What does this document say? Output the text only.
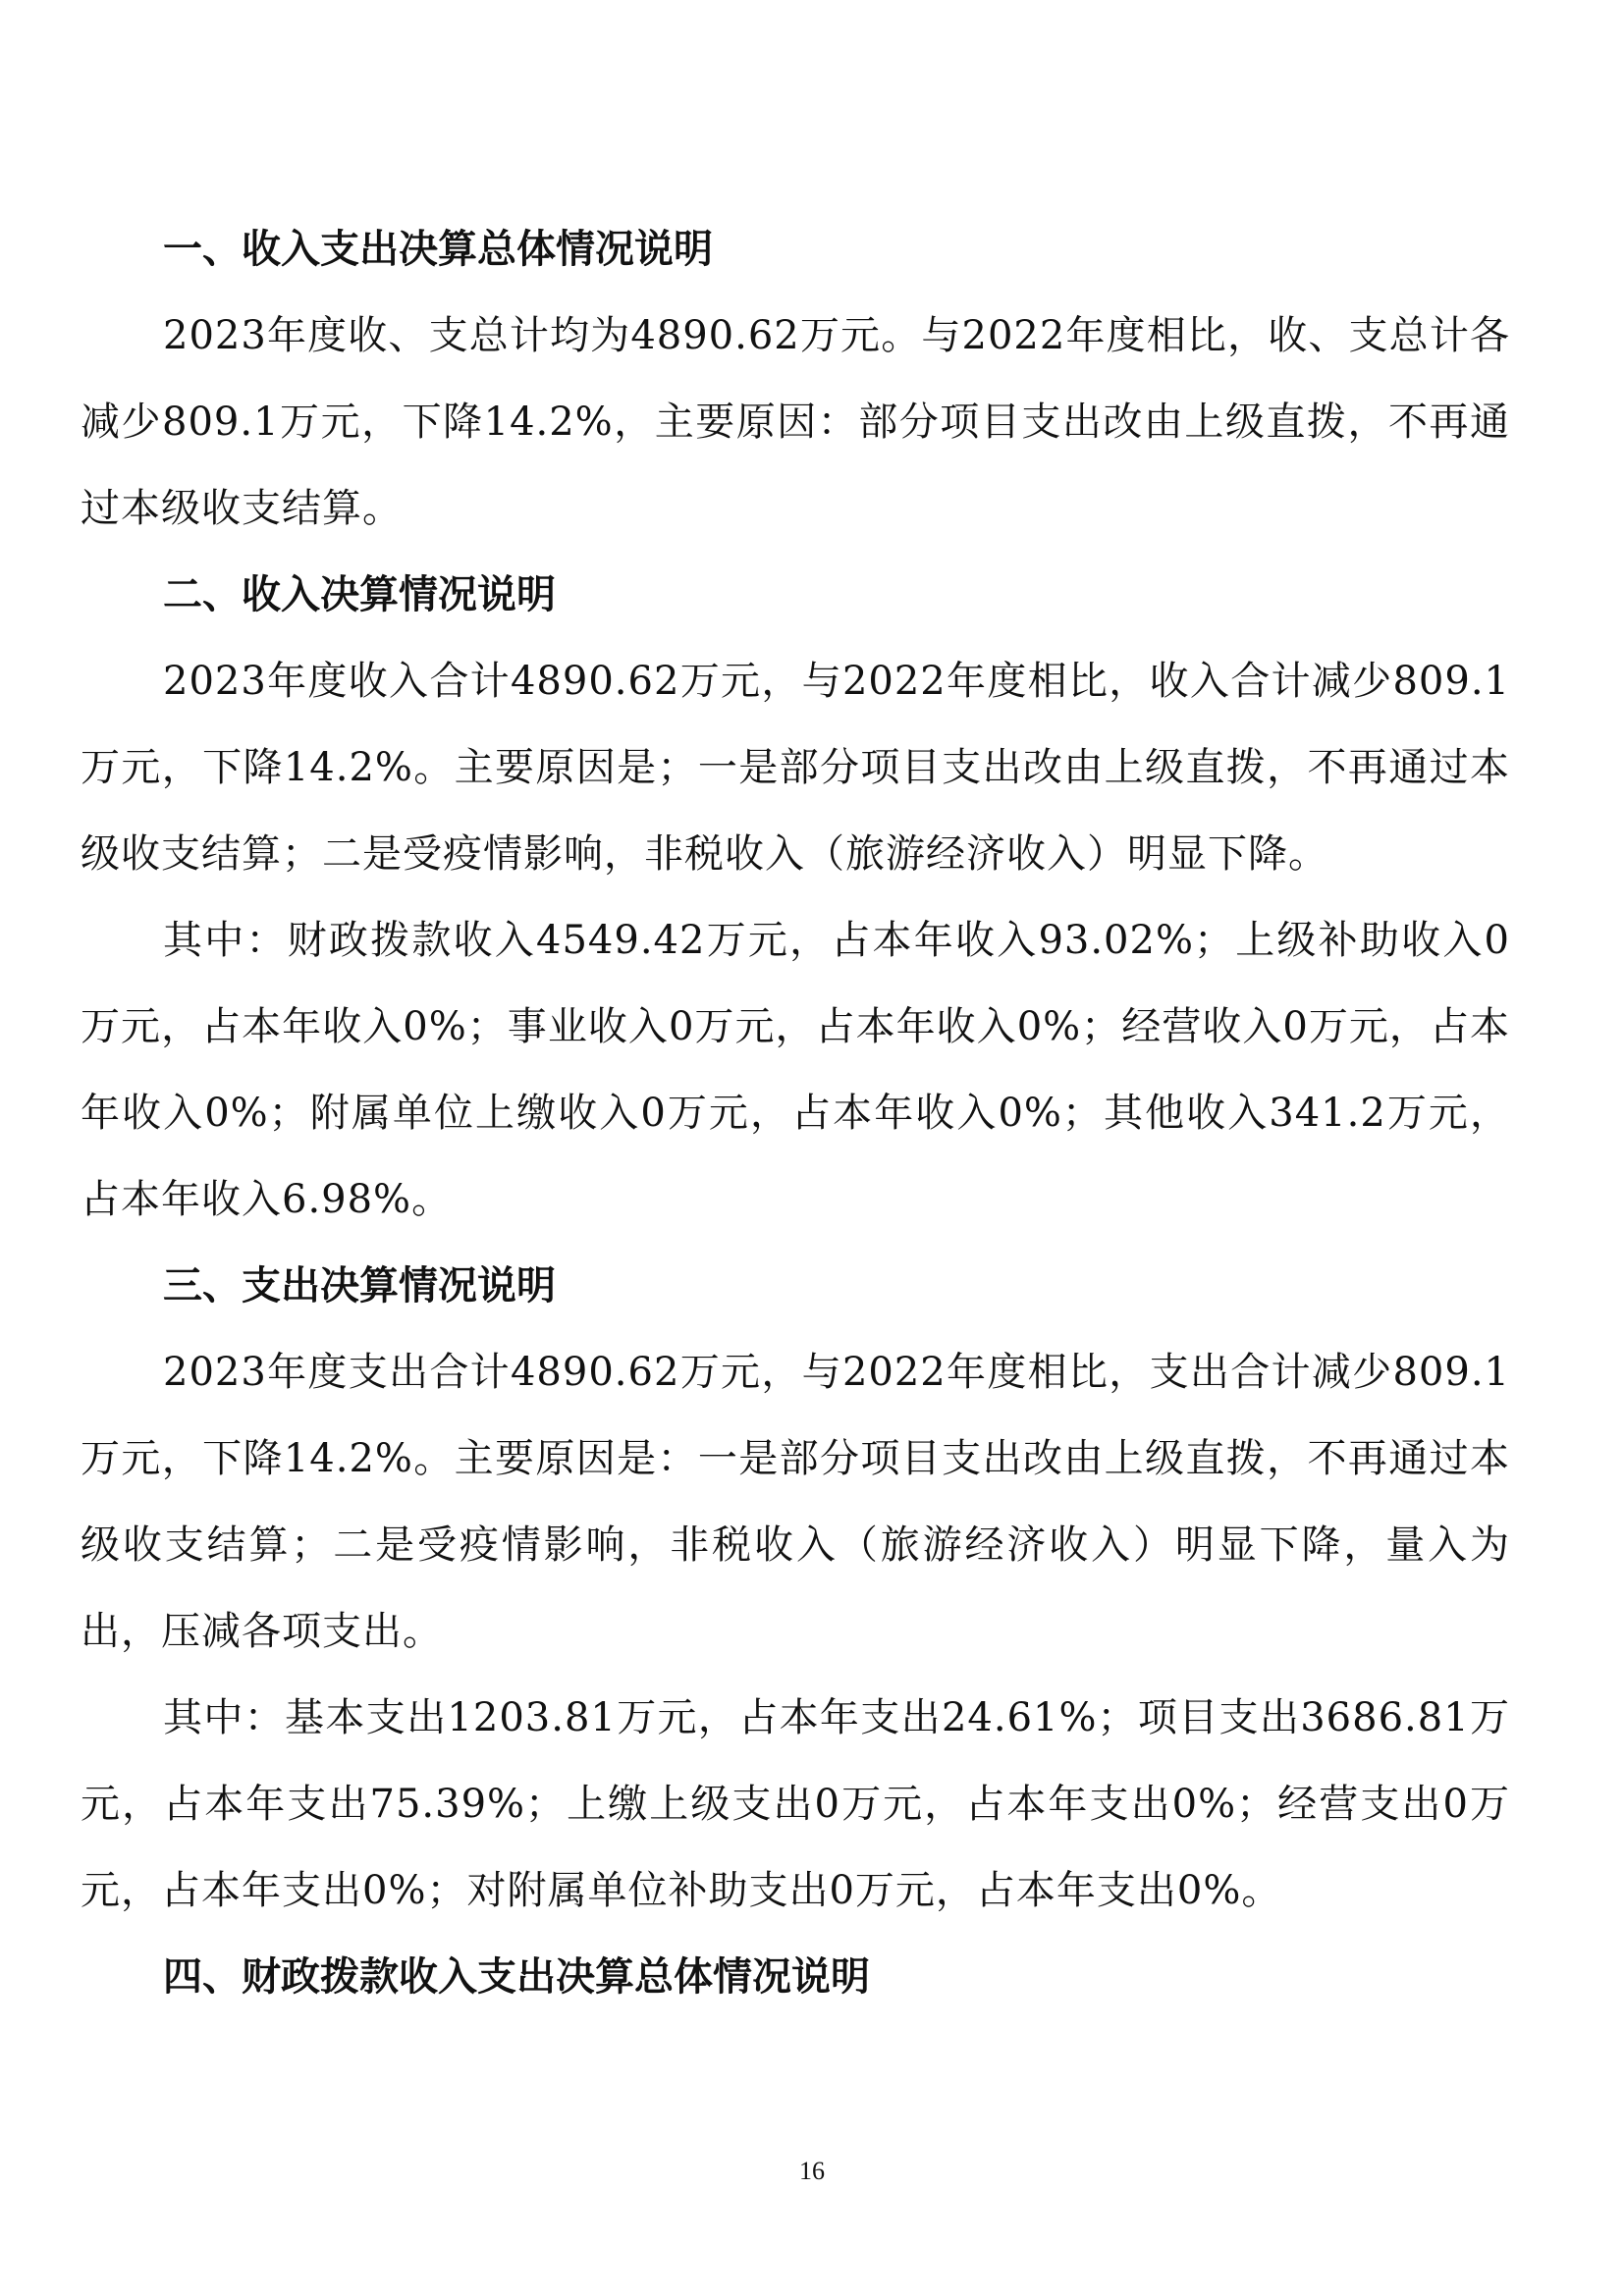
一、收入支出决算总体情况说明

2023年度收、支总计均为4890.62万元。与2022年度相比，收、支总计各减少809.1万元，下降14.2%，主要原因：部分项目支出改由上级直拨，不再通过本级收支结算。

二、收入决算情况说明

2023年度收入合计4890.62万元，与2022年度相比，收入合计减少809.1万元，下降14.2%。主要原因是；一是部分项目支出改由上级直拨，不再通过本级收支结算；二是受疫情影响，非税收入（旅游经济收入）明显下降。

其中：财政拨款收入4549.42万元，占本年收入93.02%；上级补助收入0万元，占本年收入0%；事业收入0万元，占本年收入0%；经营收入0万元，占本年收入0%；附属单位上缴收入0万元，占本年收入0%；其他收入341.2万元，占本年收入6.98%。

三、支出决算情况说明

2023年度支出合计4890.62万元，与2022年度相比，支出合计减少809.1万元，下降14.2%。主要原因是：一是部分项目支出改由上级直拨，不再通过本级收支结算；二是受疫情影响，非税收入（旅游经济收入）明显下降，量入为出，压减各项支出。

其中：基本支出1203.81万元，占本年支出24.61%；项目支出3686.81万元，占本年支出75.39%；上缴上级支出0万元，占本年支出0%；经营支出0万元，占本年支出0%；对附属单位补助支出0万元，占本年支出0%。

四、财政拨款收入支出决算总体情况说明
16
